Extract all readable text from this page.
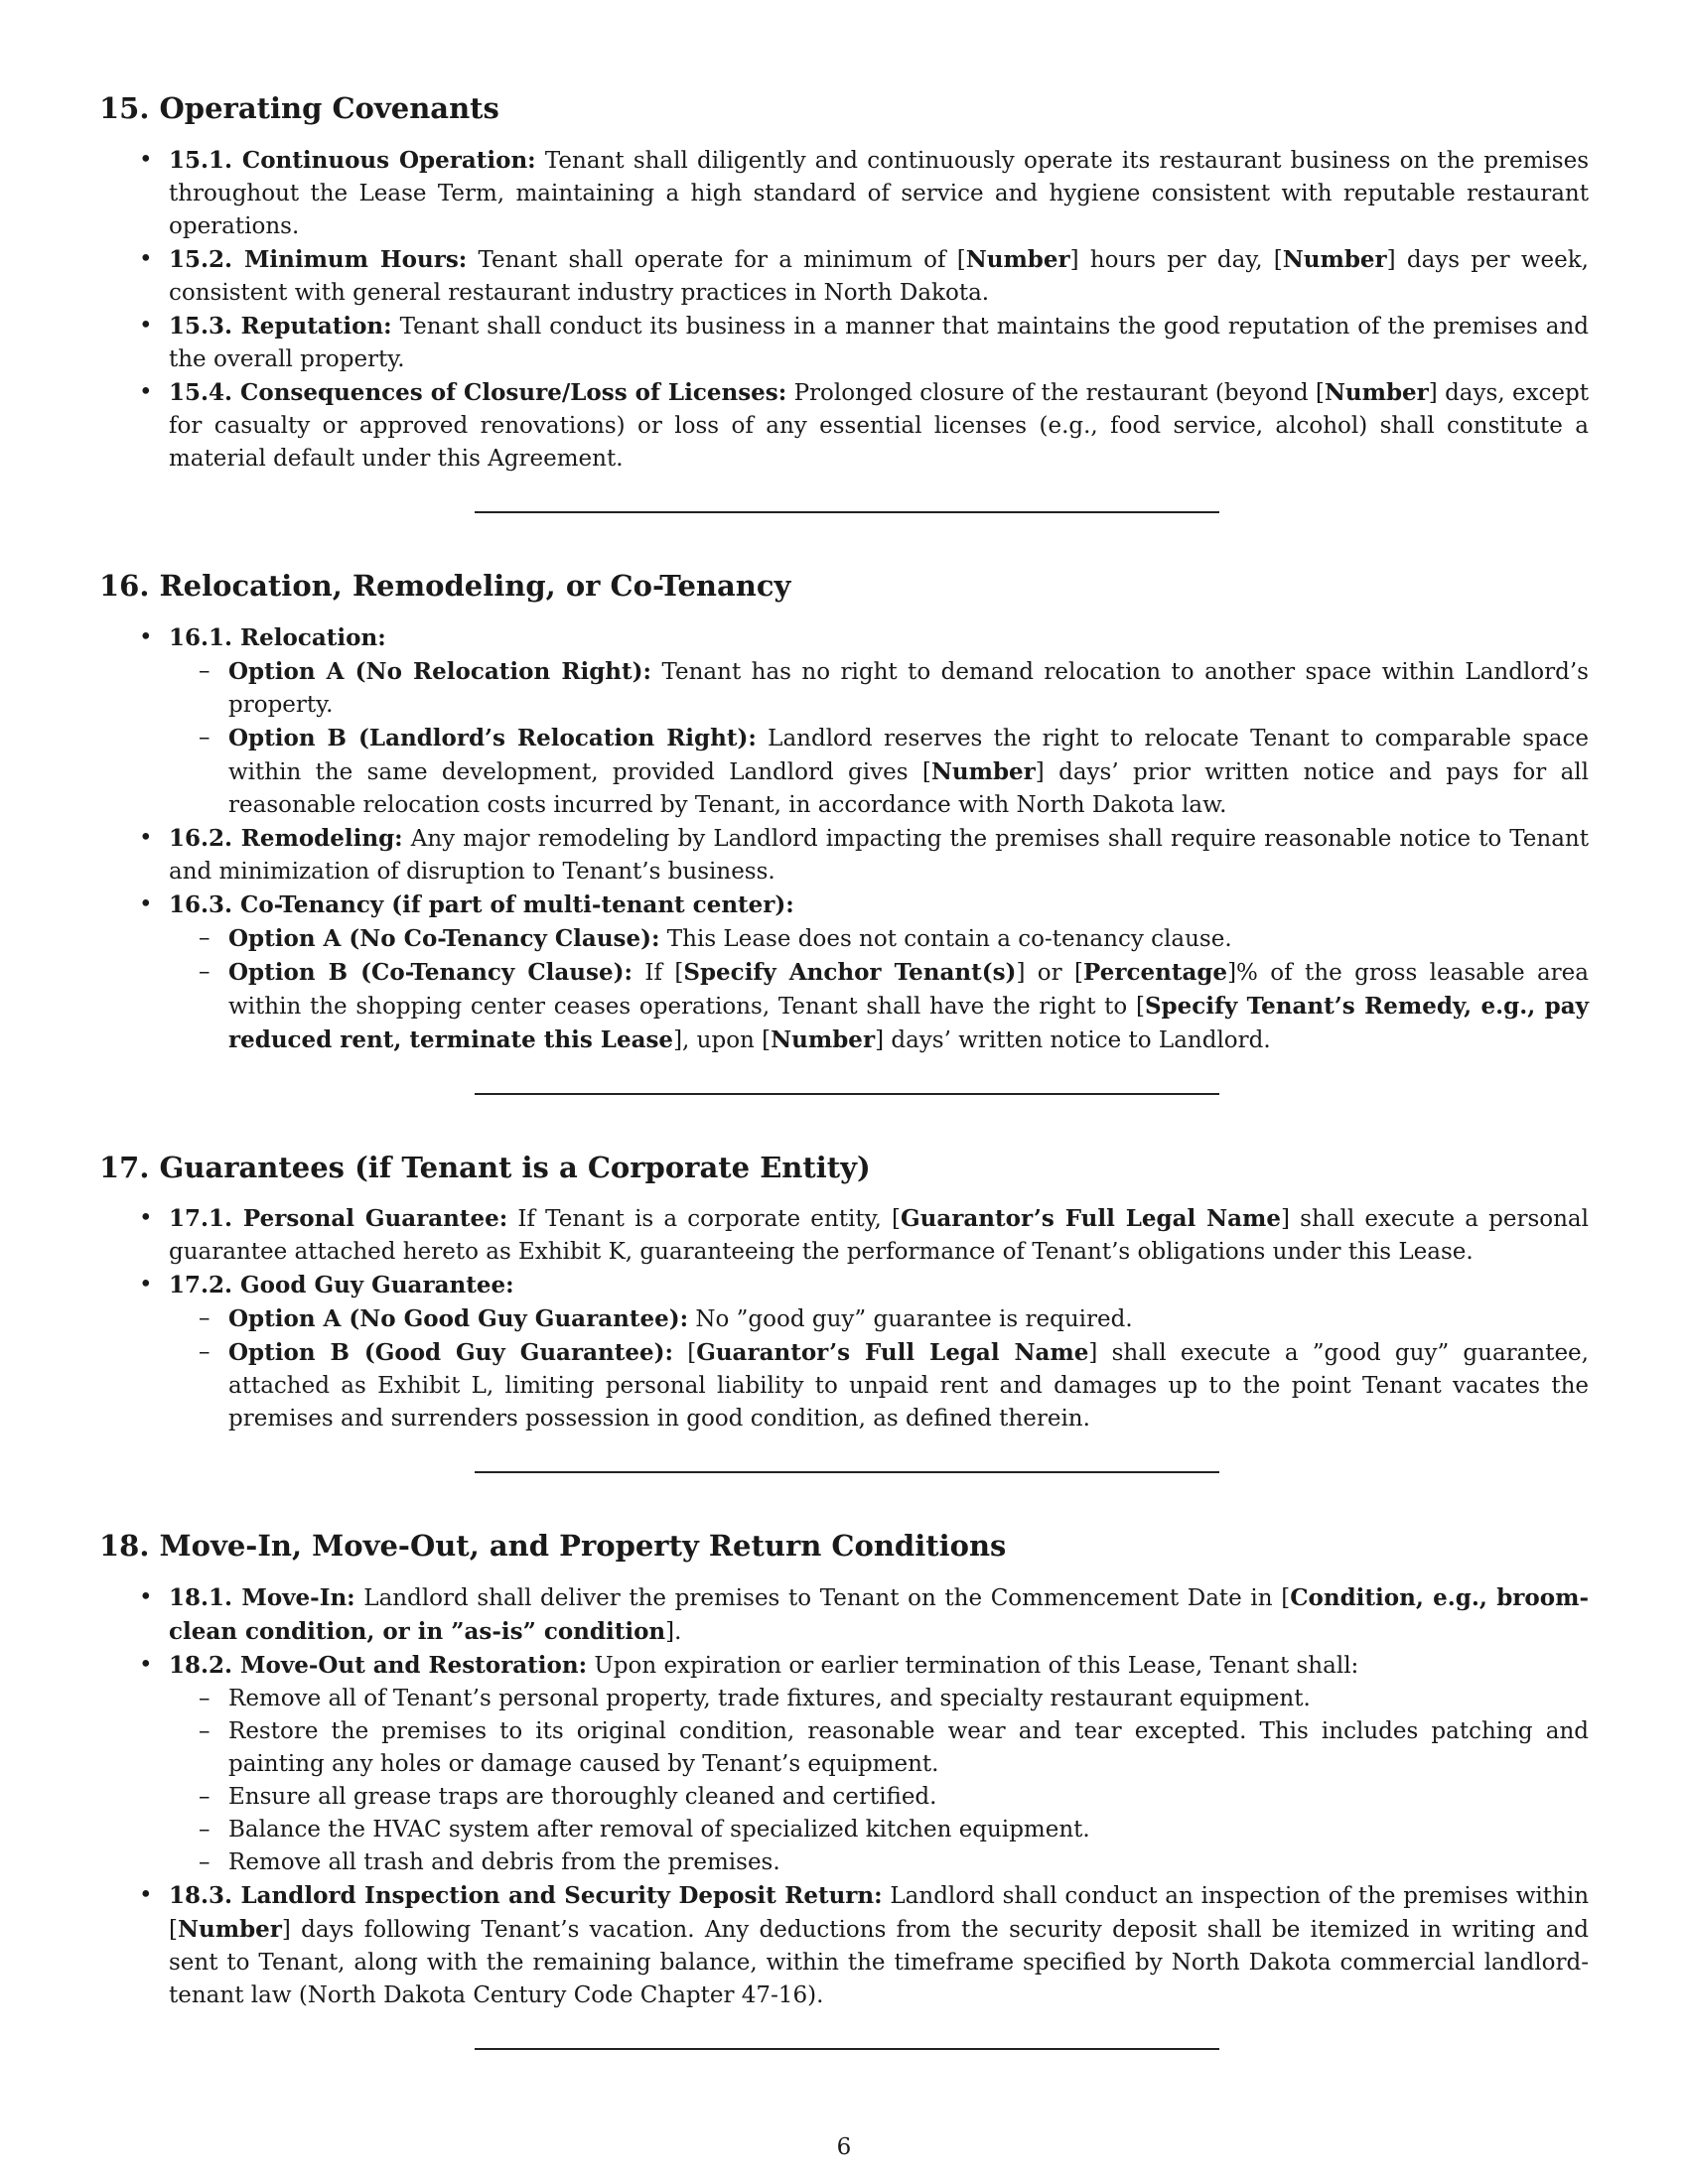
15. Operating Covenants
• 15.1. Continuous Operation: Tenant shall diligently and continuously operate its restaurant business on the premises throughout the Lease Term, maintaining a high standard of service and hygiene consistent with reputable restaurant operations.
• 15.2. Minimum Hours: Tenant shall operate for a minimum of [Number] hours per day, [Number] days per week, consistent with general restaurant industry practices in North Dakota.
• 15.3. Reputation: Tenant shall conduct its business in a manner that maintains the good reputation of the premises and the overall property.
• 15.4. Consequences of Closure/Loss of Licenses: Prolonged closure of the restaurant (beyond [Number] days, except for casualty or approved renovations) or loss of any essential licenses (e.g., food service, alcohol) shall constitute a material default under this Agreement.
16. Relocation, Remodeling, or Co-Tenancy
• 16.1. Relocation:
– Option A (No Relocation Right): Tenant has no right to demand relocation to another space within Landlord’s property.
– Option B (Landlord’s Relocation Right): Landlord reserves the right to relocate Tenant to comparable space within the same development, provided Landlord gives [Number] days’ prior written notice and pays for all reasonable relocation costs incurred by Tenant, in accordance with North Dakota law.
• 16.2. Remodeling: Any major remodeling by Landlord impacting the premises shall require reasonable notice to Tenant and minimization of disruption to Tenant’s business.
• 16.3. Co-Tenancy (if part of multi-tenant center):
– Option A (No Co-Tenancy Clause): This Lease does not contain a co-tenancy clause.
– Option B (Co-Tenancy Clause): If [Specify Anchor Tenant(s)] or [Percentage]% of the gross leasable area within the shopping center ceases operations, Tenant shall have the right to [Specify Tenant’s Remedy, e.g., pay reduced rent, terminate this Lease], upon [Number] days’ written notice to Landlord.
17. Guarantees (if Tenant is a Corporate Entity)
• 17.1. Personal Guarantee: If Tenant is a corporate entity, [Guarantor’s Full Legal Name] shall execute a personal guarantee attached hereto as Exhibit K, guaranteeing the performance of Tenant’s obligations under this Lease.
• 17.2. Good Guy Guarantee:
– Option A (No Good Guy Guarantee): No ”good guy” guarantee is required.
– Option B (Good Guy Guarantee): [Guarantor’s Full Legal Name] shall execute a ”good guy” guarantee, attached as Exhibit L, limiting personal liability to unpaid rent and damages up to the point Tenant vacates the premises and surrenders possession in good condition, as defined therein.
18. Move-In, Move-Out, and Property Return Conditions
• 18.1. Move-In: Landlord shall deliver the premises to Tenant on the Commencement Date in [Condition, e.g., broom-clean condition, or in ”as-is” condition].
• 18.2. Move-Out and Restoration: Upon expiration or earlier termination of this Lease, Tenant shall:
– Remove all of Tenant’s personal property, trade fixtures, and specialty restaurant equipment.
– Restore the premises to its original condition, reasonable wear and tear excepted. This includes patching and painting any holes or damage caused by Tenant’s equipment.
– Ensure all grease traps are thoroughly cleaned and certified.
– Balance the HVAC system after removal of specialized kitchen equipment.
– Remove all trash and debris from the premises.
• 18.3. Landlord Inspection and Security Deposit Return: Landlord shall conduct an inspection of the premises within [Number] days following Tenant’s vacation. Any deductions from the security deposit shall be itemized in writing and sent to Tenant, along with the remaining balance, within the timeframe specified by North Dakota commercial landlord-tenant law (North Dakota Century Code Chapter 47-16).
6
